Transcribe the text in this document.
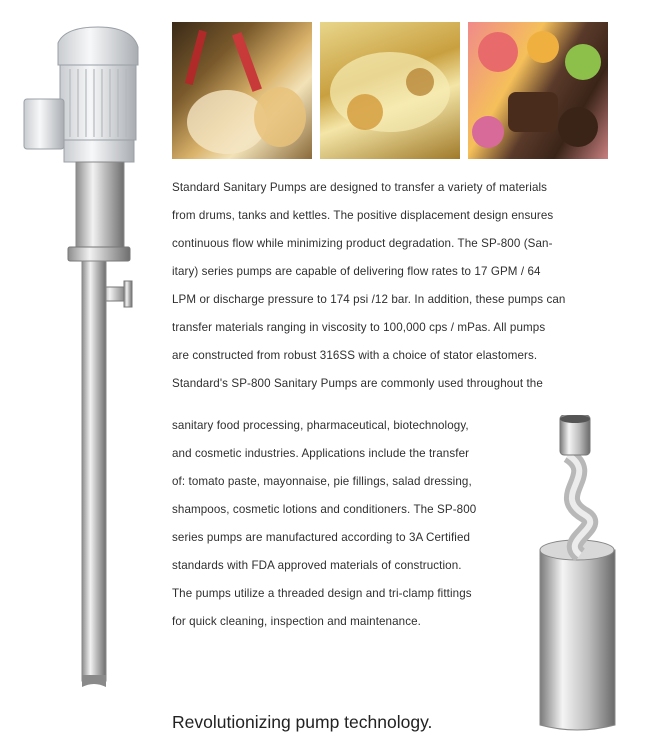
Standard Sanitary Pumps are designed to transfer a variety of materials
from drums, tanks and kettles. The positive displacement design ensures
continuous flow while minimizing product degradation. The SP-800 (San-
itary) series pumps are capable of delivering flow rates to 17 GPM / 64
LPM or discharge pressure to 174 psi /12 bar. In addition, these pumps can
transfer materials ranging in viscosity to 100,000 cps / mPas. All pumps
are constructed from robust 316SS with a choice of stator elastomers.
Standard's SP-800 Sanitary Pumps are commonly used throughout the
sanitary food processing, pharmaceutical, biotechnology,
and cosmetic industries. Applications include the transfer
of: tomato paste, mayonnaise, pie fillings, salad dressing,
shampoos, cosmetic lotions and conditioners. The SP-800
series pumps are manufactured according to 3A Certified
standards with FDA approved materials of construction.
The pumps utilize a threaded design and tri-clamp fittings
for quick cleaning, inspection and maintenance.
Revolutionizing pump technology.
